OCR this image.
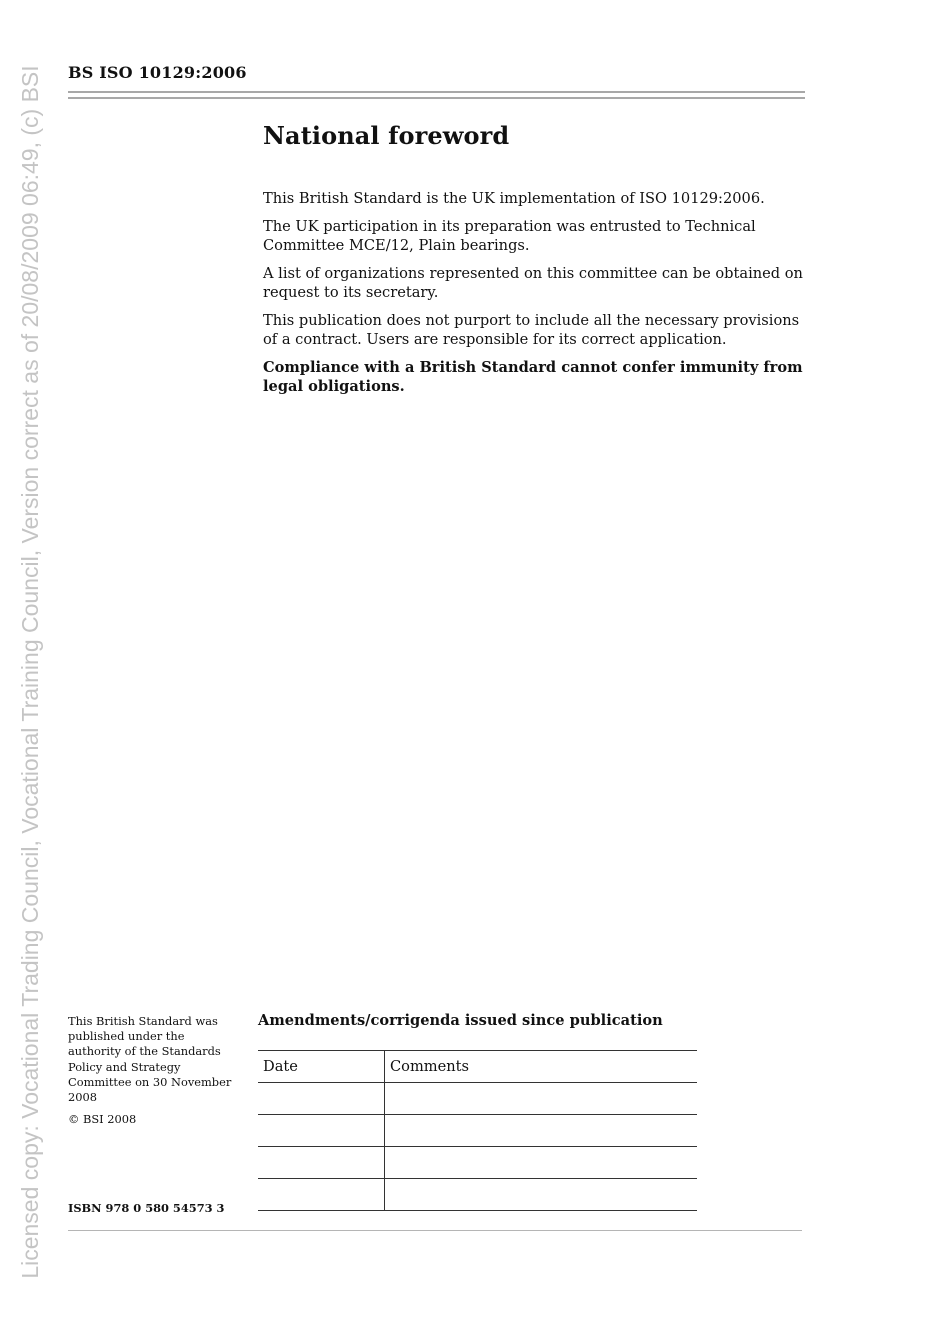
Licensed copy: Vocational Trading Council, Vocational Training Council, Version correct as of 20/08/2009 06:49, (c) BSI BS ISO 10129:2006
National foreword

This British Standard is the UK implementation of ISO 10129:2006.

The UK participation in its preparation was entrusted to Technical Committee MCE/12, Plain bearings.

A list of organizations represented on this committee can be obtained on request to its secretary.

This publication does not purport to include all the necessary provisions of a contract. Users are responsible for its correct application.

Compliance with a British Standard cannot confer immunity from legal obligations.

This British Standard was published under the authority of the Standards Policy and Strategy Committee on 30 November 2008

© BSI 2008
ISBN 978 0 580 54573 3
Amendments/corrigenda issued since publication
Date	Comments
